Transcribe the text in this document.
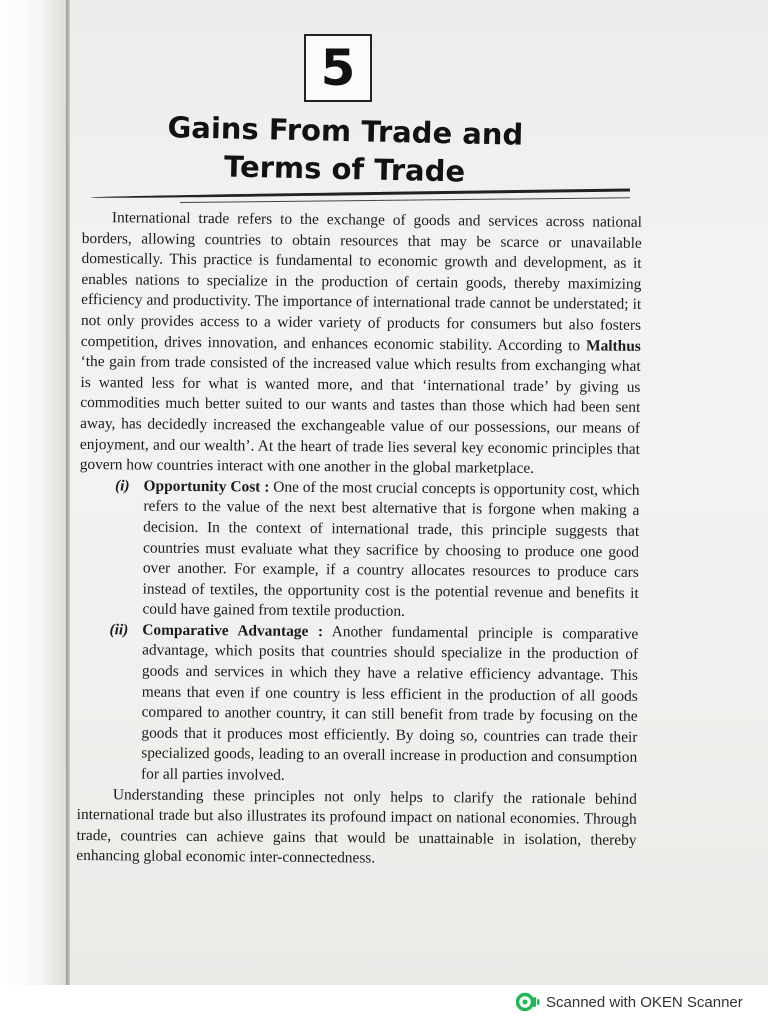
5
Gains From Trade and
Terms of Trade

International trade refers to the exchange of goods and services across national borders, allowing countries to obtain resources that may be scarce or unavailable domestically. This practice is fundamental to economic growth and development, as it enables nations to specialize in the production of certain goods, thereby maximizing efficiency and productivity. The importance of international trade cannot be understated; it not only provides access to a wider variety of products for consumers but also fosters competition, drives innovation, and enhances economic stability. According to Malthus ‘the gain from trade consisted of the increased value which results from exchanging what is wanted less for what is wanted more, and that ‘international trade’ by giving us commodities much better suited to our wants and tastes than those which had been sent away, has decidedly increased the exchangeable value of our possessions, our means of enjoyment, and our wealth’. At the heart of trade lies several key economic principles that govern how countries interact with one another in the global marketplace.

(i) Opportunity Cost : One of the most crucial concepts is opportunity cost, which refers to the value of the next best alternative that is forgone when making a decision. In the context of international trade, this principle suggests that countries must evaluate what they sacrifice by choosing to produce one good over another. For example, if a country allocates resources to produce cars instead of textiles, the opportunity cost is the potential revenue and benefits it could have gained from textile production.
(ii) Comparative Advantage : Another fundamental principle is comparative advantage, which posits that countries should specialize in the production of goods and services in which they have a relative efficiency advantage. This means that even if one country is less efficient in the production of all goods compared to another country, it can still benefit from trade by focusing on the goods that it produces most efficiently. By doing so, countries can trade their specialized goods, leading to an overall increase in production and consumption for all parties involved.

Understanding these principles not only helps to clarify the rationale behind international trade but also illustrates its profound impact on national economies. Through trade, countries can achieve gains that would be unattainable in isolation, thereby enhancing global economic inter-connectedness.

Scanned with OKEN Scanner
